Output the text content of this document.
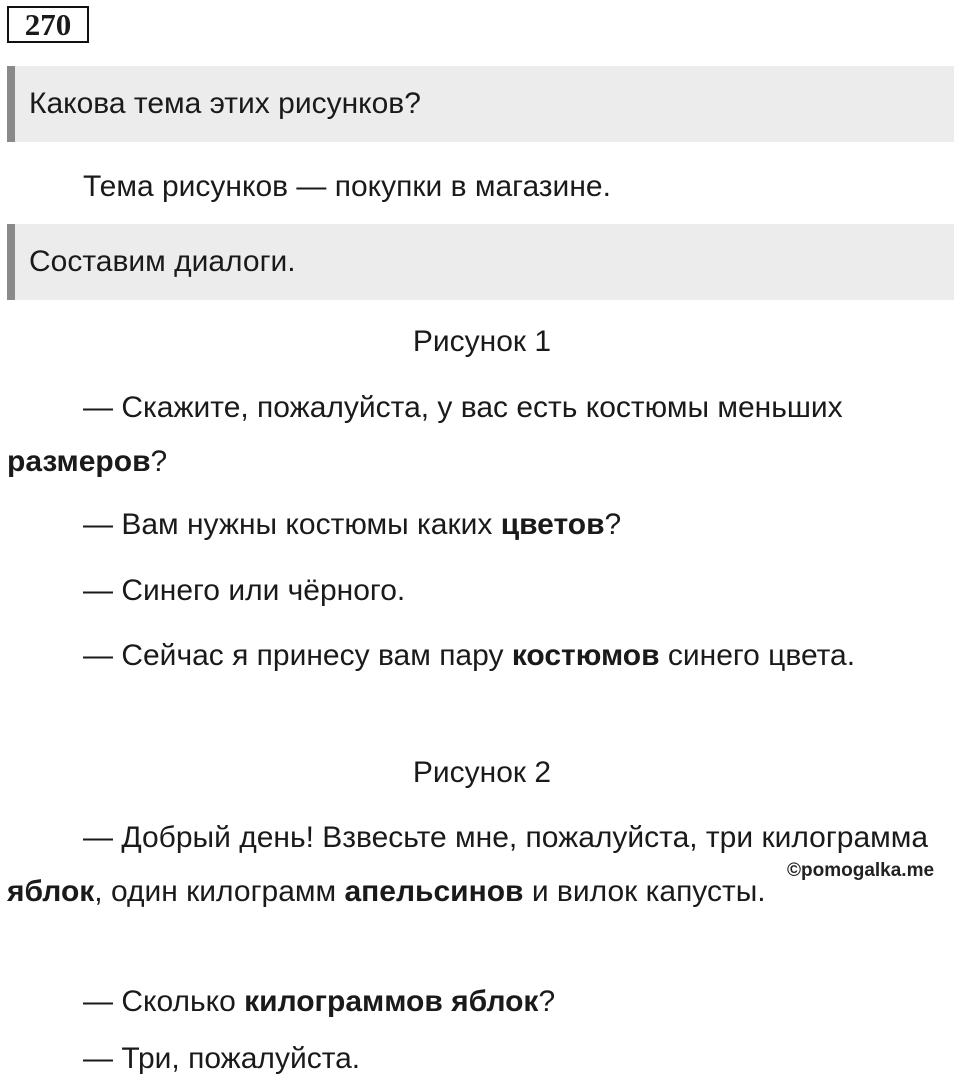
270
Какова тема этих рисунков?

Тема рисунков — покупки в магазине.

Составим диалоги.

Рисунок 1

— Скажите, пожалуйста, у вас есть костюмы меньших размеров?

— Вам нужны костюмы каких цветов?

— Синего или чёрного.

— Сейчас я принесу вам пару костюмов синего цвета.

Рисунок 2

— Добрый день! Взвесьте мне, пожалуйста, три килограмма яблок, один килограмм апельсинов и вилок капусты.

— Сколько килограммов яблок?

— Три, пожалуйста.

©pomogalka.me
